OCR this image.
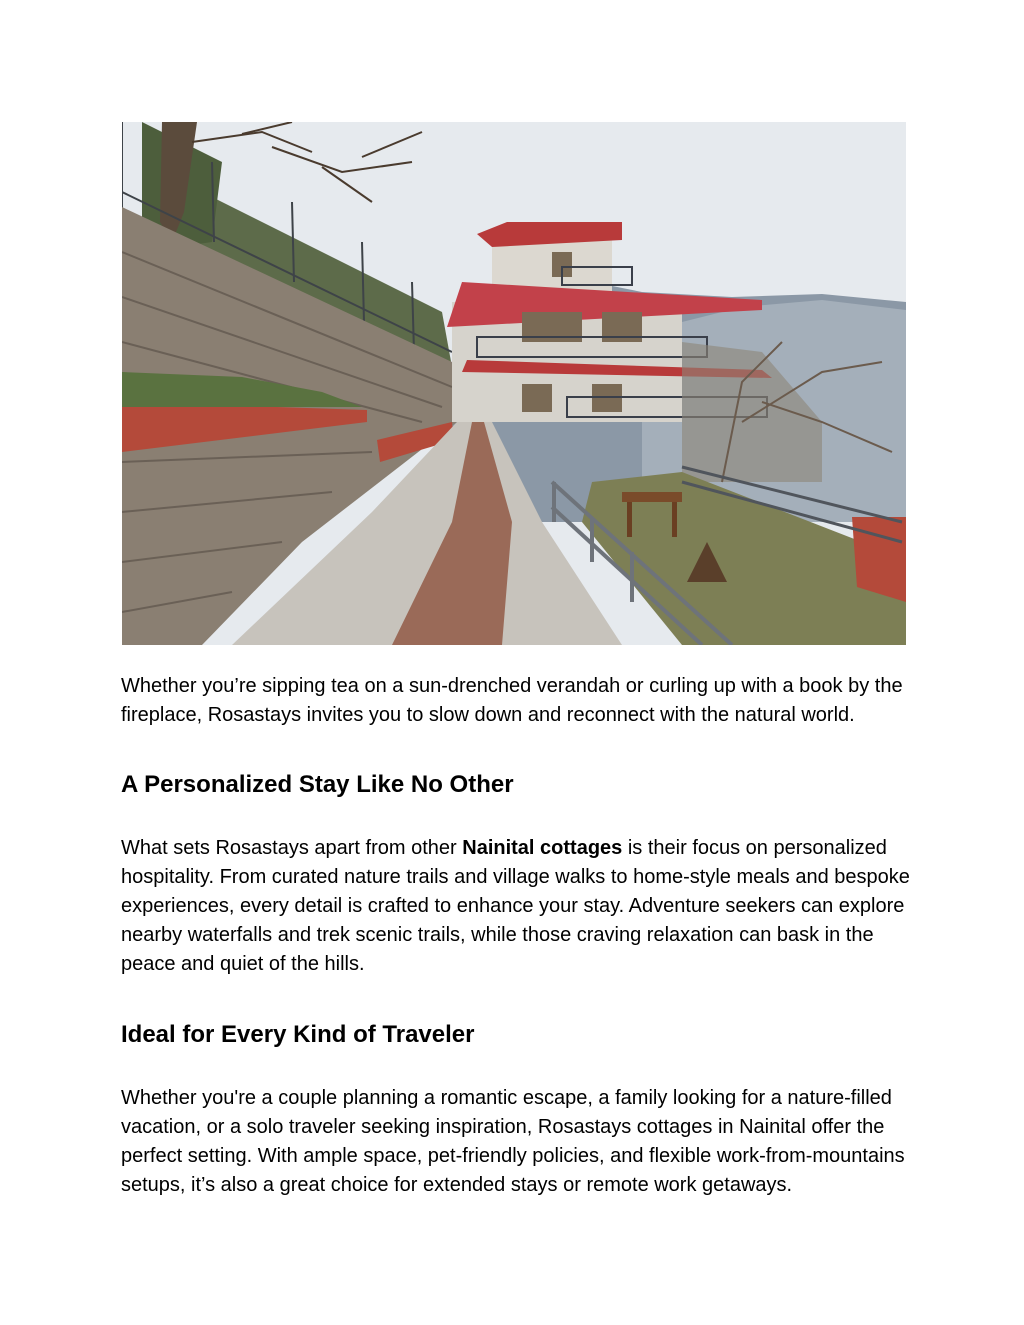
Whether you’re sipping tea on a sun-drenched verandah or curling up with a book by the fireplace, Rosastays invites you to slow down and reconnect with the natural world.

A Personalized Stay Like No Other

What sets Rosastays apart from other Nainital cottages is their focus on personalized hospitality. From curated nature trails and village walks to home-style meals and bespoke experiences, every detail is crafted to enhance your stay. Adventure seekers can explore nearby waterfalls and trek scenic trails, while those craving relaxation can bask in the peace and quiet of the hills.

Ideal for Every Kind of Traveler

Whether you're a couple planning a romantic escape, a family looking for a nature-filled vacation, or a solo traveler seeking inspiration, Rosastays cottages in Nainital offer the perfect setting. With ample space, pet-friendly policies, and flexible work-from-mountains setups, it’s also a great choice for extended stays or remote work getaways.
